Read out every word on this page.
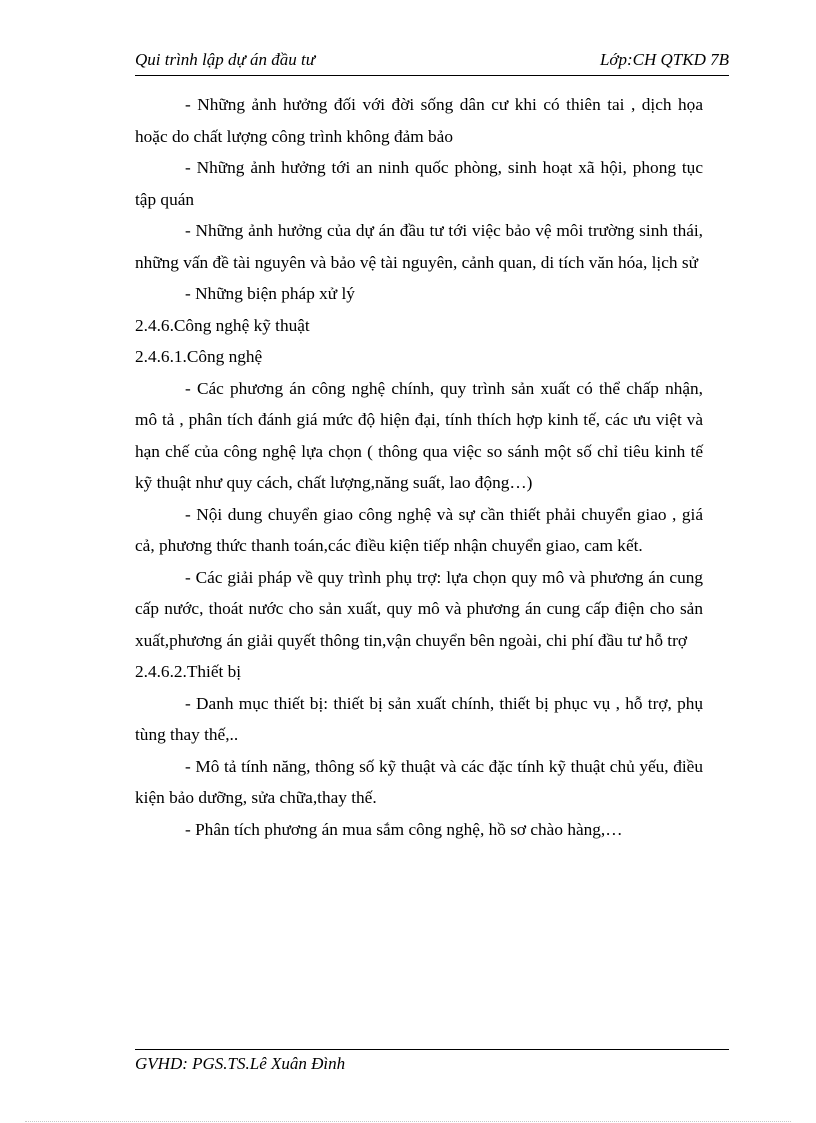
Qui trình lập dự án đầu tư	Lớp:CH QTKD 7B

- Những ảnh hưởng đối với đời sống dân cư khi có thiên tai , dịch họa hoặc do chất lượng công trình không đảm bảo

- Những ảnh hưởng tới an ninh quốc phòng, sinh hoạt xã hội, phong tục tập quán

- Những ảnh hưởng của dự án đầu tư tới việc bảo vệ môi trường sinh thái, những vấn đề tài nguyên và bảo vệ tài nguyên, cảnh quan, di tích văn hóa, lịch sử

- Những biện pháp xử lý

2.4.6.Công nghệ kỹ thuật

2.4.6.1.Công nghệ

- Các phương án công nghệ chính, quy trình sản xuất có thể chấp nhận, mô tả , phân tích đánh giá mức độ hiện đại, tính thích hợp kinh tế, các ưu việt và hạn chế của công nghệ lựa chọn ( thông qua việc so sánh một số chỉ tiêu kinh tế kỹ thuật như quy cách, chất lượng,năng suất, lao động…)

- Nội dung chuyển giao công nghệ và sự cần thiết phải chuyển giao , giá cả, phương thức thanh toán,các điều kiện tiếp nhận chuyển giao, cam kết.

- Các giải pháp về quy trình phụ trợ: lựa chọn quy mô và phương án cung cấp nước, thoát nước cho sản xuất, quy mô và phương án cung cấp điện cho sản xuất,phương án giải quyết thông tin,vận chuyển bên ngoài, chi phí đầu tư hỗ trợ

2.4.6.2.Thiết bị

- Danh mục thiết bị: thiết bị sản xuất chính, thiết bị phục vụ , hỗ trợ, phụ tùng thay thế,..

- Mô tả tính năng, thông số kỹ thuật và các đặc tính kỹ thuật chủ yếu, điều kiện bảo dưỡng, sửa chữa,thay thế.

- Phân tích phương án mua sắm công nghệ, hồ sơ chào hàng,…

GVHD: PGS.TS.Lê Xuân Đình
